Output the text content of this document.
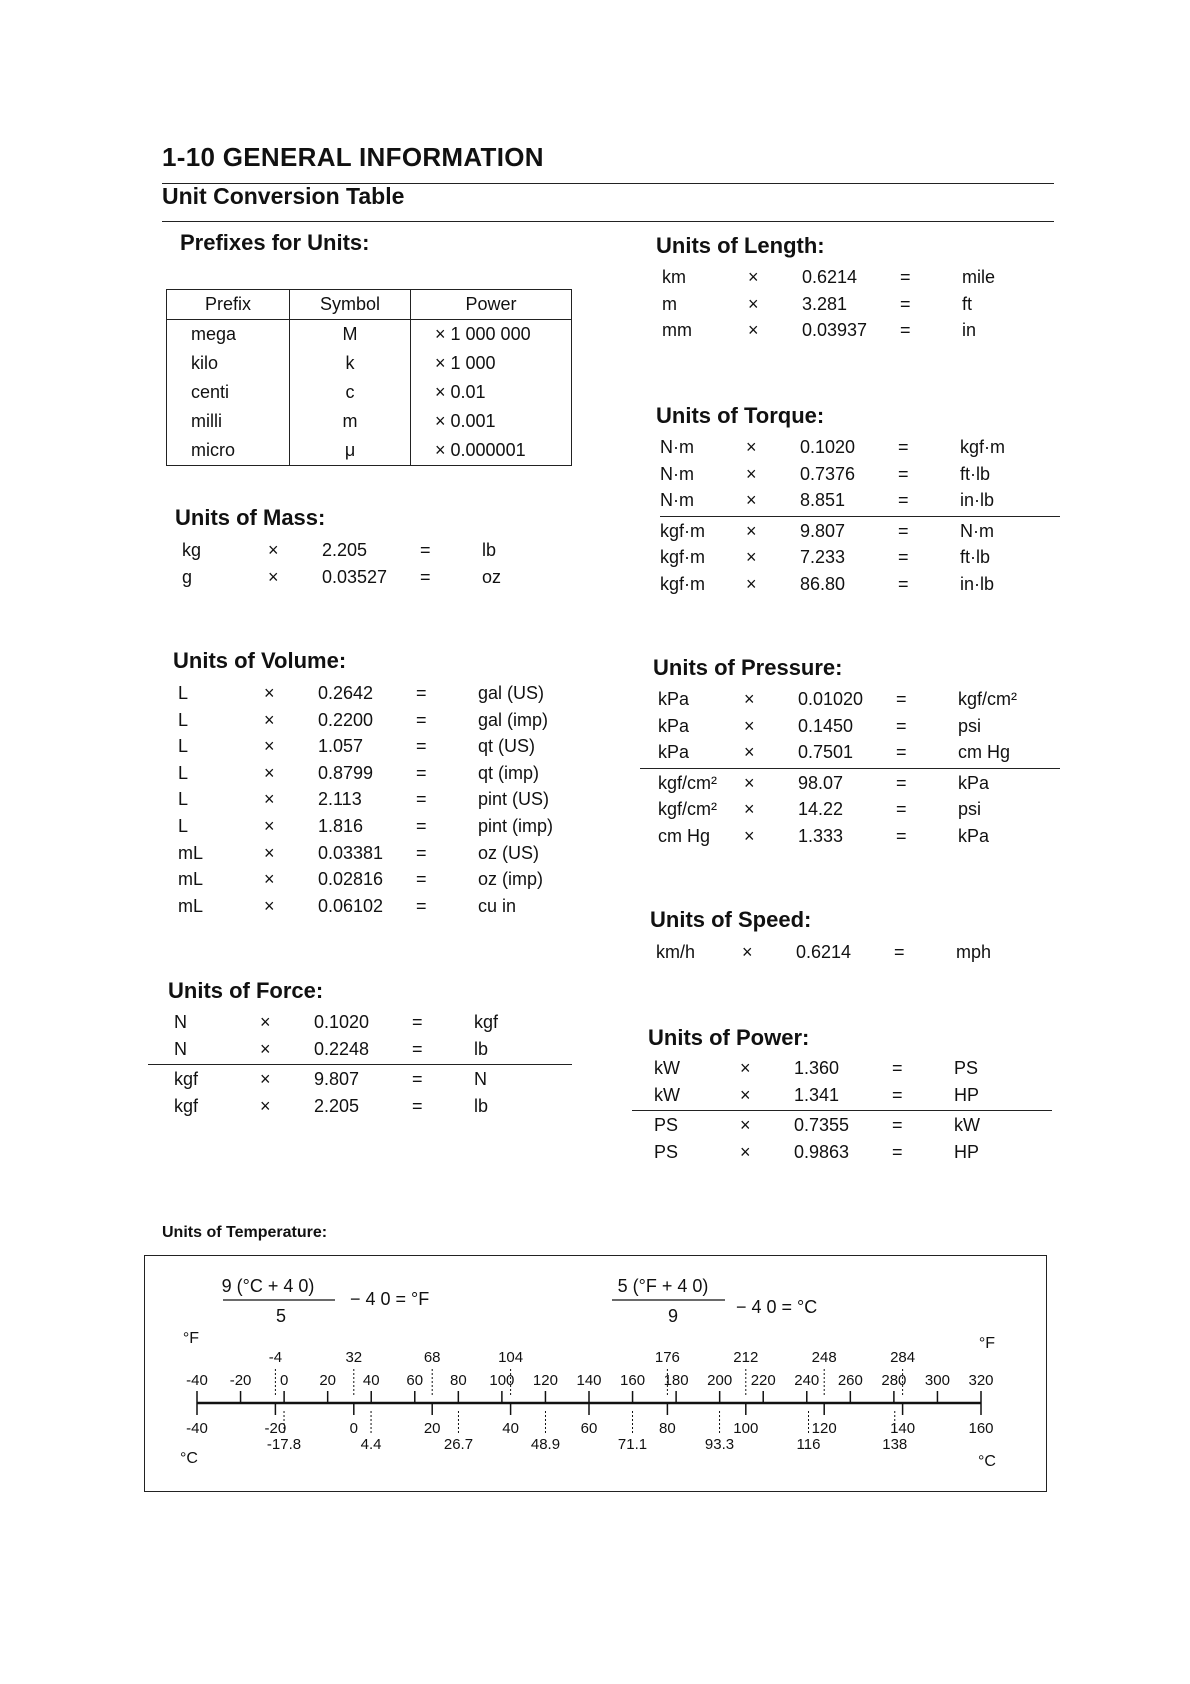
1-10 GENERAL INFORMATION
Unit Conversion Table
Prefixes for Units:
Prefix	Symbol	Power
mega	M	× 1 000 000
kilo	k	× 1 000
centi	c	× 0.01
milli	m	× 0.001
micro	μ	× 0.000001
Units of Mass:
kg	× 2.205	=	lb
g	× 0.03527 =	oz
Units of Volume:
L	× 0.2642 =	gal (US)
L	× 0.2200 =	gal (imp)
L	× 1.057	=	qt (US)
L	× 0.8799 =	qt (imp)
L	× 2.113	=	pint (US)
L	× 1.816	=	pint (imp)
mL	× 0.03381 =	oz (US)
mL	× 0.02816 =	oz (imp)
mL	× 0.06102 =	cu in
Units of Force:
N	× 0.1020 =	kgf
N	× 0.2248 =	lb
kgf	× 9.807	=	N
kgf	× 2.205	=	lb
Units of Length:
km	× 0.6214 =	mile
m	× 3.281	=	ft
mm	× 0.03937 =	in
Units of Torque:
N·m	× 0.1020 =	kgf·m
N·m	× 0.7376 =	ft·lb
N·m	× 8.851	=	in·lb
kgf·m × 9.807	=	N·m
kgf·m × 7.233	=	ft·lb
kgf·m × 86.80	=	in·lb
Units of Pressure:
kPa	× 0.01020 =	kgf/cm²
kPa	× 0.1450 =	psi
kPa	× 0.7501 =	cm Hg
kgf/cm² × 98.07	=	kPa
kgf/cm² × 14.22	=	psi
cm Hg × 1.333	=	kPa
Units of Speed:
km/h	× 0.6214 =	mph
Units of Power:
kW	× 1.360	=	PS
kW	× 1.341	=	HP
PS	× 0.7355 =	kW
PS	× 0.9863 =	HP
Units of Temperature:
9 (°C + 4 0)
5
− 4 0 = °F
5 (°F + 4 0)
9	− 4 0 = °C
°F	°F
°C	°C
-40 -20 0 20 40 60 80 100 120 140 160 180 200 220 240 260 280 300 320
-4	32	68	104	176	212	248	284
-40	-20	0	20	40	60	80	100	120	140	160
-17.8	4.4	26.7	48.9	71.1	93.3	116	138
